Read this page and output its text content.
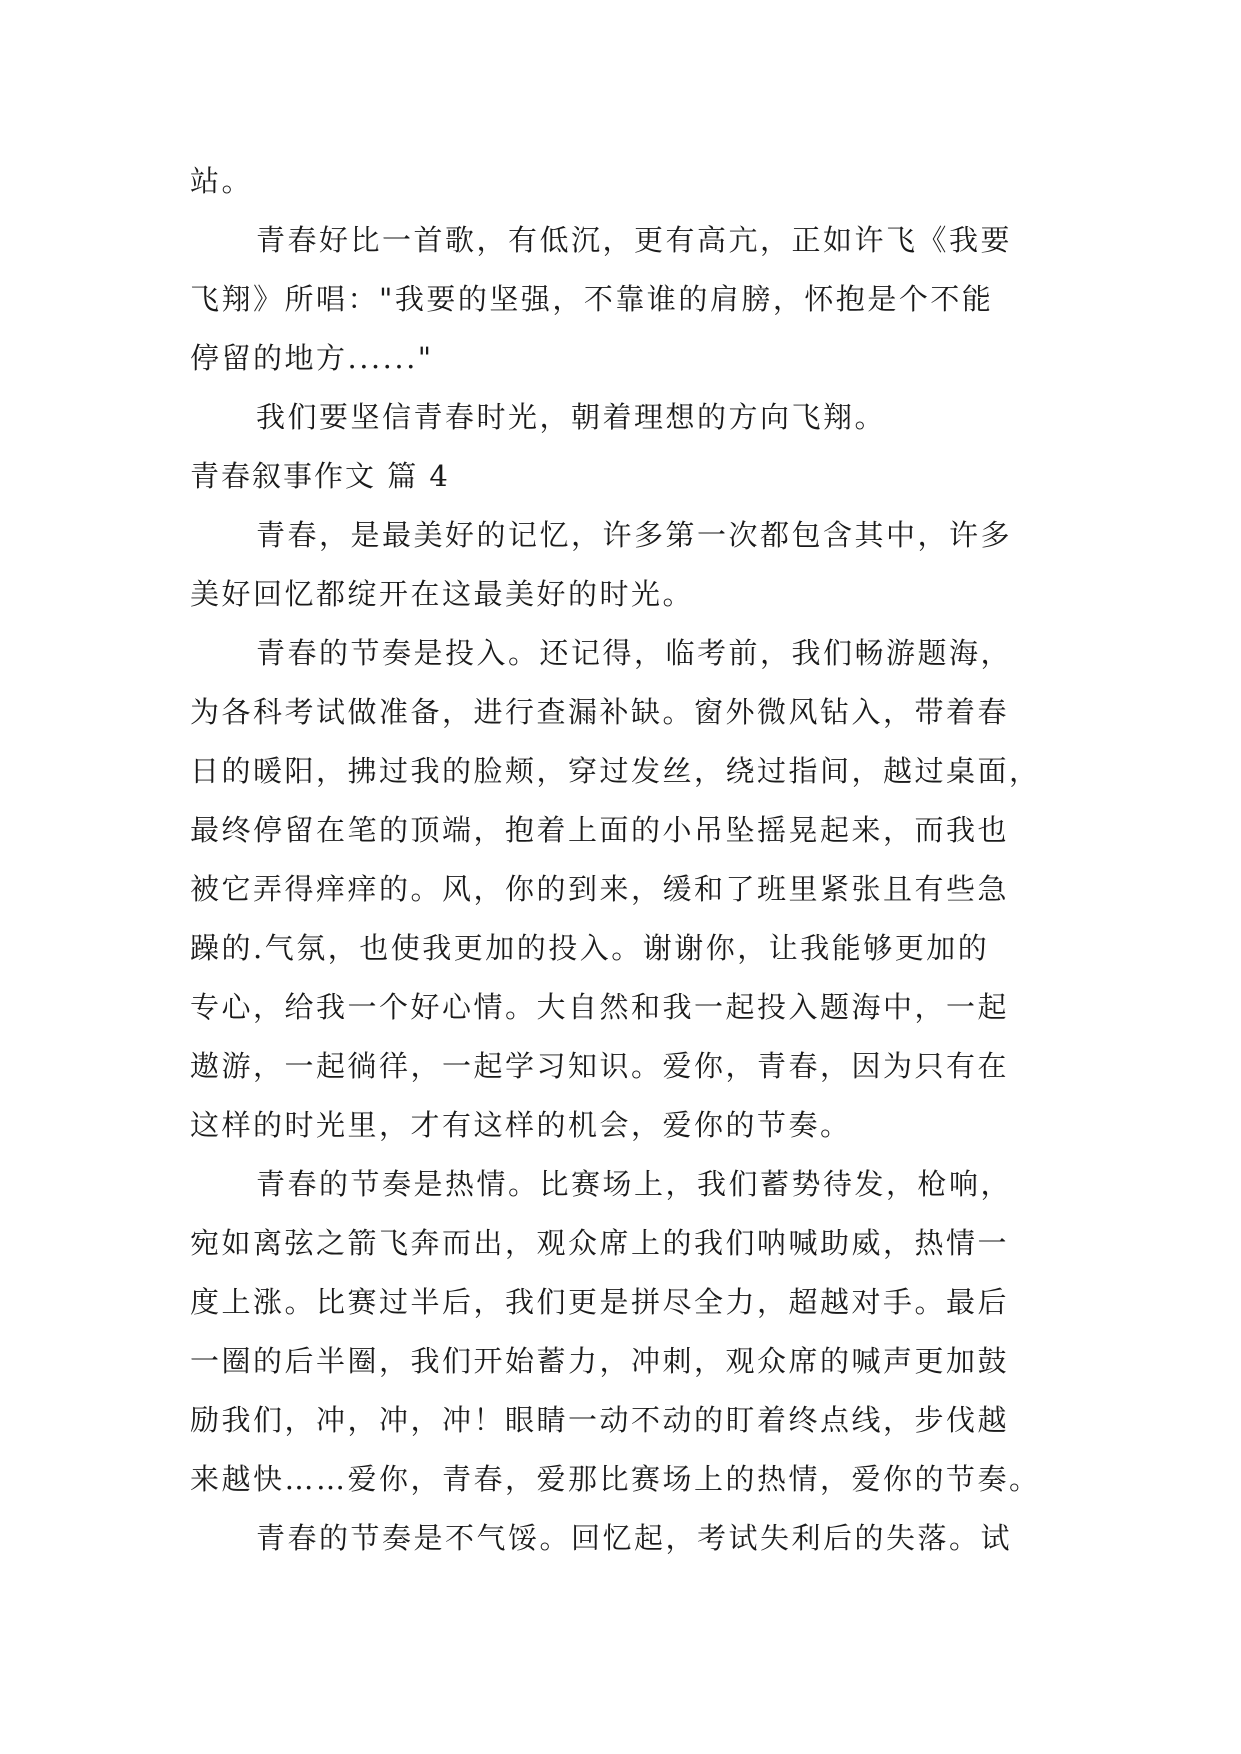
站。
青春好比一首歌，有低沉，更有高亢，正如许飞《我要
飞翔》所唱："我要的坚强，不靠谁的肩膀，怀抱是个不能
停留的地方......"
我们要坚信青春时光，朝着理想的方向飞翔。
青春叙事作文 篇 4
青春，是最美好的记忆，许多第一次都包含其中，许多
美好回忆都绽开在这最美好的时光。
青春的节奏是投入。还记得，临考前，我们畅游题海，
为各科考试做准备，进行查漏补缺。窗外微风钻入，带着春
日的暖阳，拂过我的脸颊，穿过发丝，绕过指间，越过桌面，
最终停留在笔的顶端，抱着上面的小吊坠摇晃起来，而我也
被它弄得痒痒的。风，你的到来，缓和了班里紧张且有些急
躁的.气氛，也使我更加的投入。谢谢你，让我能够更加的
专心，给我一个好心情。大自然和我一起投入题海中，一起
遨游，一起徜徉，一起学习知识。爱你，青春，因为只有在
这样的时光里，才有这样的机会，爱你的节奏。
青春的节奏是热情。比赛场上，我们蓄势待发，枪响，
宛如离弦之箭飞奔而出，观众席上的我们呐喊助威，热情一
度上涨。比赛过半后，我们更是拼尽全力，超越对手。最后
一圈的后半圈，我们开始蓄力，冲刺，观众席的喊声更加鼓
励我们，冲，冲，冲！眼睛一动不动的盯着终点线，步伐越
来越快……爱你，青春，爱那比赛场上的热情，爱你的节奏。
青春的节奏是不气馁。回忆起，考试失利后的失落。试
